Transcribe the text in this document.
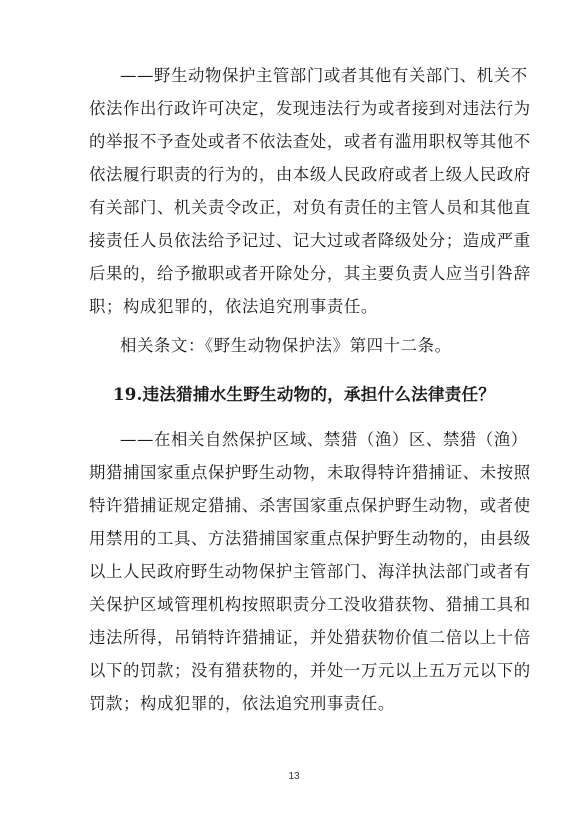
——野生动物保护主管部门或者其他有关部门、机关不
依法作出行政许可决定，发现违法行为或者接到对违法行为
的举报不予查处或者不依法查处，或者有滥用职权等其他不
依法履行职责的行为的，由本级人民政府或者上级人民政府
有关部门、机关责令改正，对负有责任的主管人员和其他直
接责任人员依法给予记过、记大过或者降级处分；造成严重
后果的，给予撤职或者开除处分，其主要负责人应当引咎辞
职；构成犯罪的，依法追究刑事责任。
相关条文：《野生动物保护法》第四十二条。
19.违法猎捕水生野生动物的，承担什么法律责任？
——在相关自然保护区域、禁猎（渔）区、禁猎（渔）
期猎捕国家重点保护野生动物，未取得特许猎捕证、未按照
特许猎捕证规定猎捕、杀害国家重点保护野生动物，或者使
用禁用的工具、方法猎捕国家重点保护野生动物的，由县级
以上人民政府野生动物保护主管部门、海洋执法部门或者有
关保护区域管理机构按照职责分工没收猎获物、猎捕工具和
违法所得，吊销特许猎捕证，并处猎获物价值二倍以上十倍
以下的罚款；没有猎获物的，并处一万元以上五万元以下的
罚款；构成犯罪的，依法追究刑事责任。
13
